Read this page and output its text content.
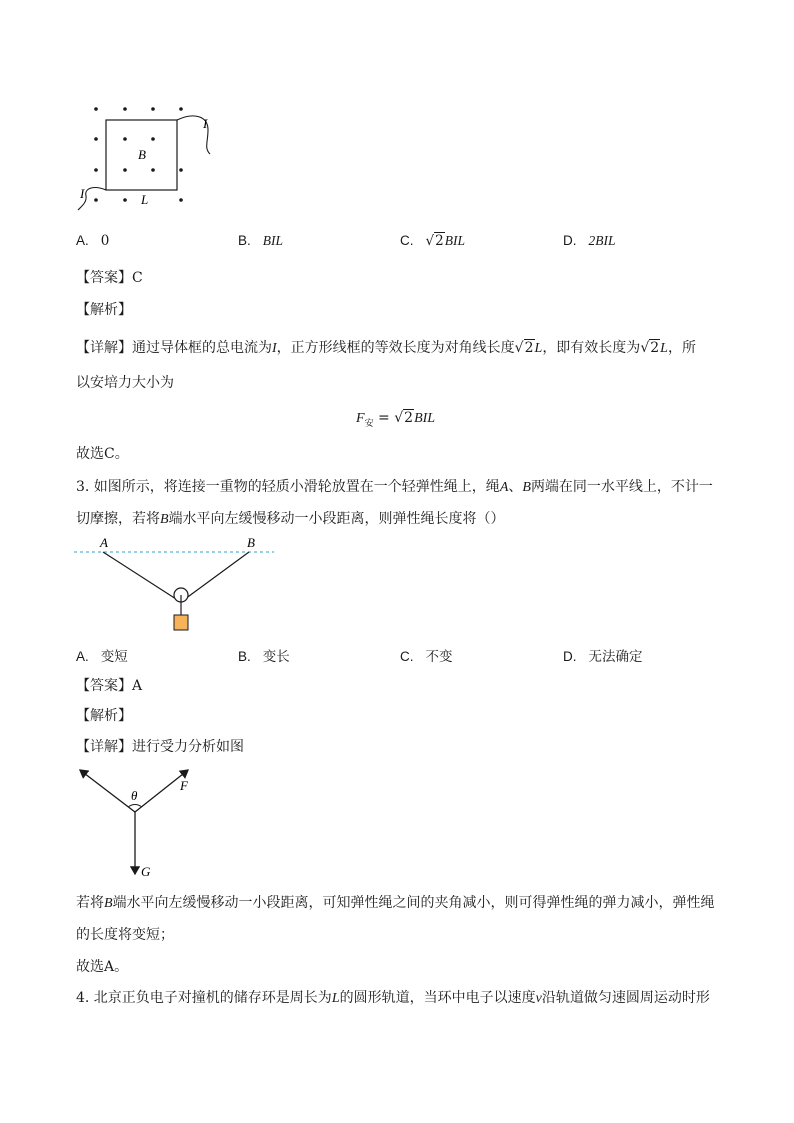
B
L
I
I
A. 0	B. BIL	C. √2BIL	D. 2BIL
【答案】C
【解析】
【详解】通过导体框的总电流为I，正方形线框的等效长度为对角线长度√2L，即有效长度为√2L，所
以安培力大小为
$F_安 = √2BIL$
故选C。
3. 如图所示，将连接一重物的轻质小滑轮放置在一个轻弹性绳上，绳A、B两端在同一水平线上，不计一
切摩擦，若将B端水平向左缓慢移动一小段距离，则弹性绳长度将（）
A	B
A. 变短	B. 变长	C. 不变	D. 无法确定
【答案】A
【解析】
【详解】进行受力分析如图
θ
F
G
若将B端水平向左缓慢移动一小段距离，可知弹性绳之间的夹角减小，则可得弹性绳的弹力减小，弹性绳
的长度将变短；
故选A。
4. 北京正负电子对撞机的储存环是周长为L的圆形轨道，当环中电子以速度v沿轨道做匀速圆周运动时形
